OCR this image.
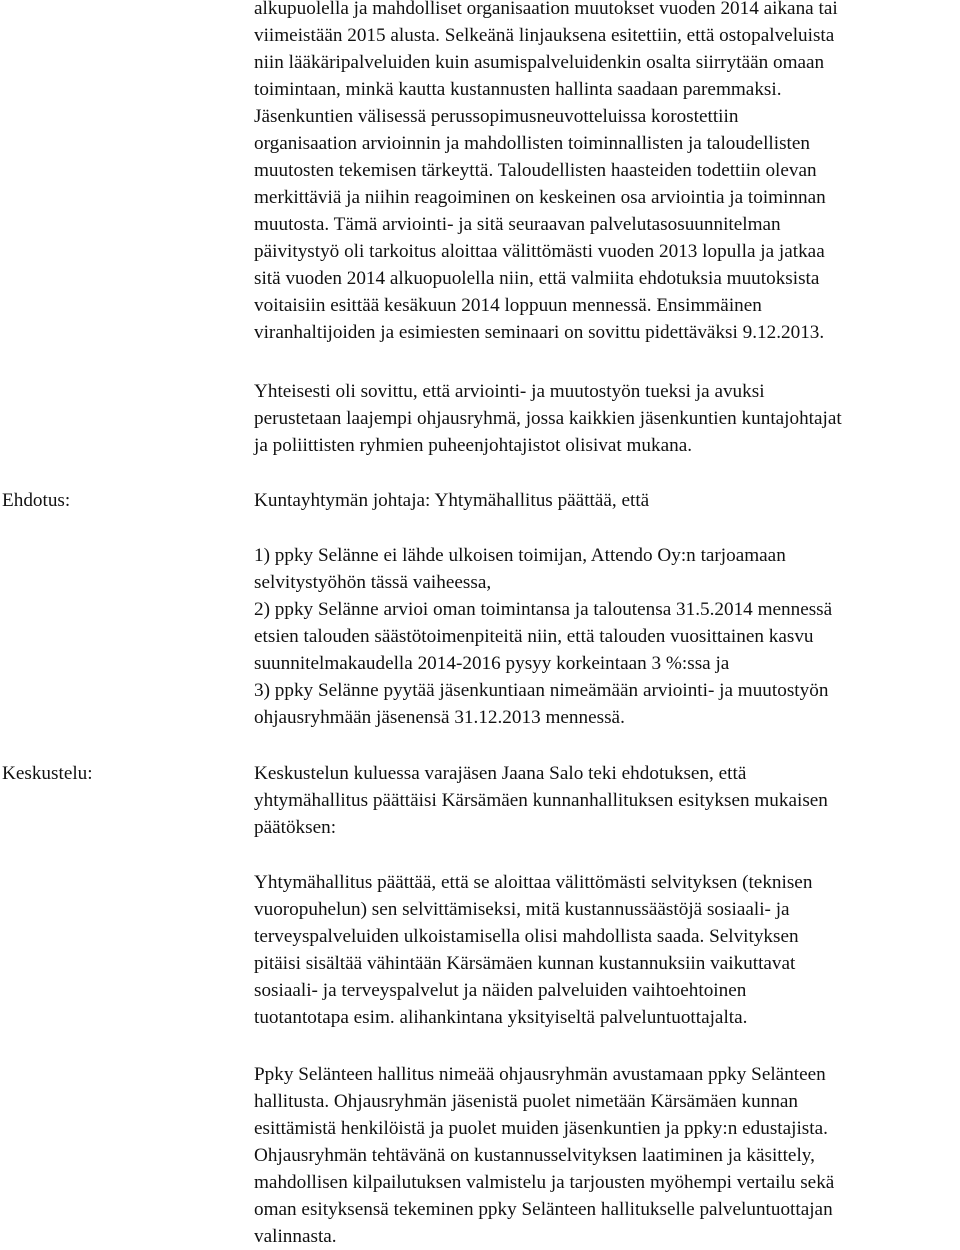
alkupuolella ja mahdolliset organisaation muutokset vuoden 2014 aikana tai
viimeistään 2015 alusta. Selkeänä linjauksena esitettiin, että ostopalveluista
niin lääkäripalveluiden kuin asumispalveluidenkin osalta siirrytään omaan
toimintaan, minkä kautta kustannusten hallinta saadaan paremmaksi.
Jäsenkuntien välisessä perussopimusneuvotteluissa korostettiin
organisaation arvioinnin ja mahdollisten toiminnallisten ja taloudellisten
muutosten tekemisen tärkeyttä. Taloudellisten haasteiden todettiin olevan
merkittäviä ja niihin reagoiminen on keskeinen osa arviointia ja toiminnan
muutosta. Tämä arviointi- ja sitä seuraavan palvelutasosuunnitelman
päivitystyö oli tarkoitus aloittaa välittömästi vuoden 2013 lopulla ja jatkaa
sitä vuoden 2014 alkuopuolella niin, että valmiita ehdotuksia muutoksista
voitaisiin esittää kesäkuun 2014 loppuun mennessä. Ensimmäinen
viranhaltijoiden ja esimiesten seminaari on sovittu pidettäväksi 9.12.2013.
Yhteisesti oli sovittu, että arviointi- ja muutostyön tueksi ja avuksi
perustetaan laajempi ohjausryhmä, jossa kaikkien jäsenkuntien kuntajohtajat
ja poliittisten ryhmien puheenjohtajistot olisivat mukana.
Ehdotus:	Kuntayhtymän johtaja: Yhtymähallitus päättää, että
1) ppky Selänne ei lähde ulkoisen toimijan, Attendo Oy:n tarjoamaan
selvitystyöhön tässä vaiheessa,
2) ppky Selänne arvioi oman toimintansa ja taloutensa 31.5.2014 mennessä
etsien talouden säästötoimenpiteitä niin, että talouden vuosittainen kasvu
suunnitelmakaudella 2014-2016 pysyy korkeintaan 3 %:ssa ja
3) ppky Selänne pyytää jäsenkuntiaan nimeämään arviointi- ja muutostyön
ohjausryhmään jäsenensä 31.12.2013 mennessä.
Keskustelu:	Keskustelun kuluessa varajäsen Jaana Salo teki ehdotuksen, että
yhtymähallitus päättäisi Kärsämäen kunnanhallituksen esityksen mukaisen
päätöksen:
Yhtymähallitus päättää, että se aloittaa välittömästi selvityksen (teknisen
vuoropuhelun) sen selvittämiseksi, mitä kustannussäästöjä sosiaali- ja
terveyspalveluiden ulkoistamisella olisi mahdollista saada. Selvityksen
pitäisi sisältää vähintään Kärsämäen kunnan kustannuksiin vaikuttavat
sosiaali- ja terveyspalvelut ja näiden palveluiden vaihtoehtoinen
tuotantotapa esim. alihankintana yksityiseltä palveluntuottajalta.
Ppky Selänteen hallitus nimeää ohjausryhmän avustamaan ppky Selänteen
hallitusta. Ohjausryhmän jäsenistä puolet nimetään Kärsämäen kunnan
esittämistä henkilöistä ja puolet muiden jäsenkuntien ja ppky:n edustajista.
Ohjausryhmän tehtävänä on kustannusselvityksen laatiminen ja käsittely,
mahdollisen kilpailutuksen valmistelu ja tarjousten myöhempi vertailu sekä
oman esityksensä tekeminen ppky Selänteen hallitukselle palveluntuottajan
valinnasta.
